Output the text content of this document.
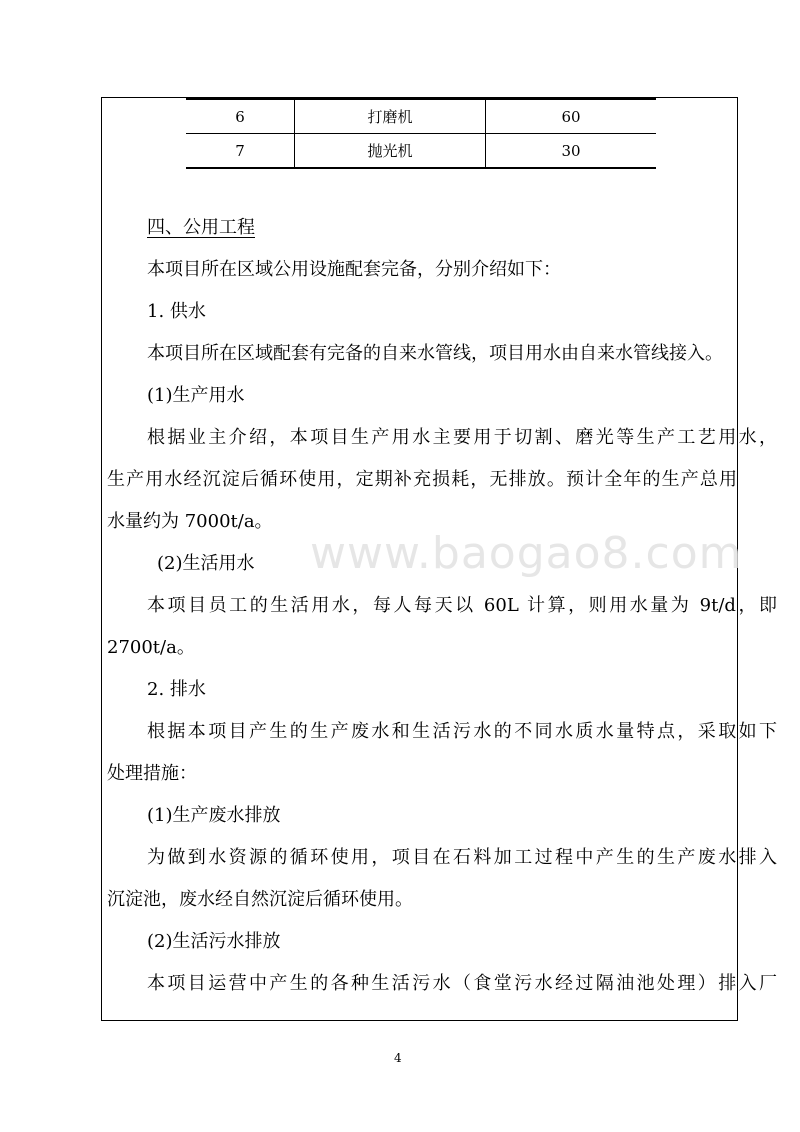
6	打磨机	60
7	抛光机	30
四、公用工程
本项目所在区域公用设施配套完备，分别介绍如下：
1. 供水
本项目所在区域配套有完备的自来水管线，项目用水由自来水管线接入。
(1)生产用水
根据业主介绍，本项目生产用水主要用于切割、磨光等生产工艺用水，
生产用水经沉淀后循环使用，定期补充损耗，无排放。预计全年的生产总用
水量约为 7000t/a。
(2)生活用水
本项目员工的生活用水，每人每天以 60L 计算，则用水量为 9t/d，即
2700t/a。
2. 排水
根据本项目产生的生产废水和生活污水的不同水质水量特点，采取如下
处理措施：
(1)生产废水排放
为做到水资源的循环使用，项目在石料加工过程中产生的生产废水排入
沉淀池，废水经自然沉淀后循环使用。
(2)生活污水排放
本项目运营中产生的各种生活污水（食堂污水经过隔油池处理）排入厂
www.baogao8.com
4
